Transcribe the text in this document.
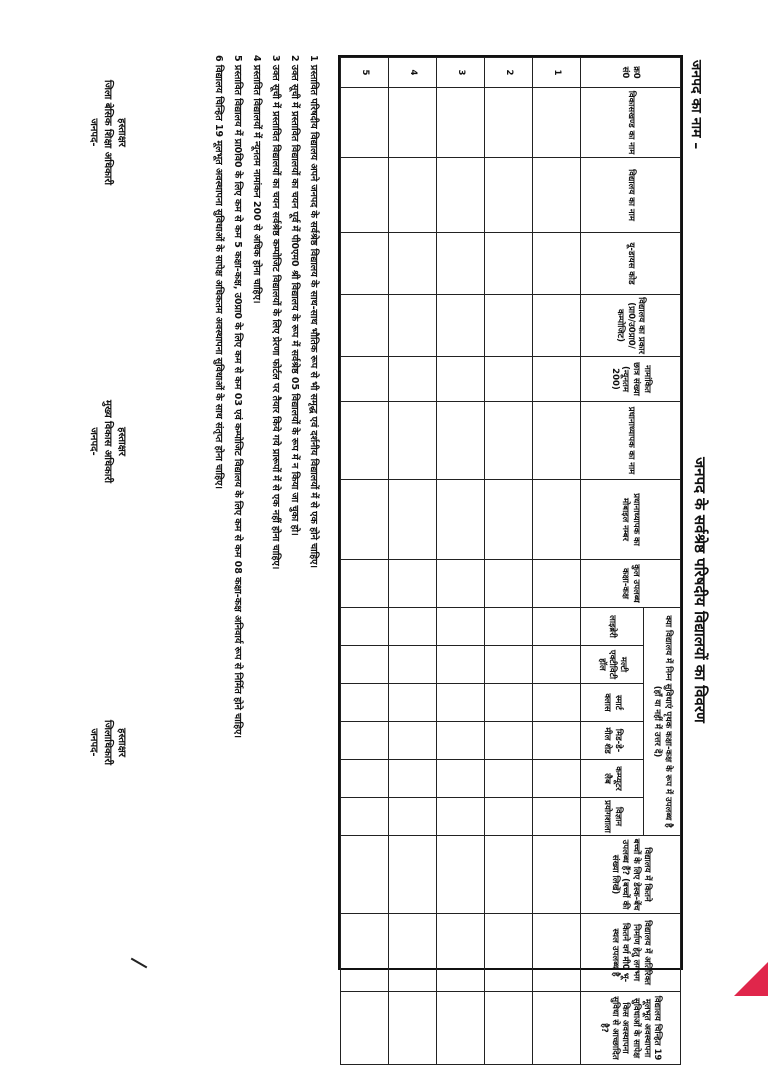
जनपद का नाम –
जनपद के सर्वश्रेष्ठ परिषदीय विद्यालयों का विवरण
क्र0 सं0	विकासखण्ड का नाम	विद्यालय का नाम	यू-डायस कोड	विद्यालय का प्रकार (प्रा0/उ0प्रा0/कम्पोजिट)	नामांकित छात्र संख्या (न्यूनतम 200)	प्रधानाध्यापक का नाम	प्रधानाध्यापक का मोबाइल नम्बर	कुल उपलब्ध कक्षा-कक्ष	क्या विद्यालय में निम्न सुविधाएं पृथक कक्षा-कक्ष के रूप में उपलब्ध है (हाँ या नहीं में उत्तर दें)						विद्यालय में कितने बच्चों के लिए डेस्क-बेंच उपलब्ध हैं? (बच्चों की संख्या लिखें)	विद्यालय में अतिरिक्त निर्माण हेतु लगभग कितने वर्ग मी0 भू-स्थल उपलब्ध है	विद्यालय चिन्हित 19 मूलभूत अवस्थापना सुविधाओं के सापेक्ष किस अवस्थापना सुविधा से आच्छादित है?
									लाइब्रेरी	मल्टी एक्टीविटी हॉल	स्मार्ट क्लास	मिड-डे-मील शेड	कम्प्यूटर लैब	विज्ञान प्रयोगशाला			
1																	
2																	
3																	
4																	
5																	
1 प्रस्तावित परिषदीय विद्यालय अपने जनपद के सर्वश्रेष्ठ विद्यालय के साथ-साथ भौतिक रूप से भी समृद्ध एवं दर्शनीय विद्यालयों में से एक होने चाहिए।
2 उक्त सूची में प्रस्तावित विद्यालयों का चयन पूर्व में पी0एम0 श्री विद्यालय के रूप में सर्वश्रेष्ठ 05 विद्यालयों के रूप में न किया जा चुका हो।
3 उक्त सूची में प्रस्तावित विद्यालयों का चयन सर्वश्रेष्ठ कम्पोजिट विद्यालयों के लिए प्रेरणा फोर्टल पर तैयार किये गये प्रारूपों में से एक नहीं होना चाहिए।
4 प्रस्तावित विद्यालयों में न्यूनतम नामांकन 200 से अधिक होना चाहिए।
5 प्रस्तावित विद्यालय में प्रा0वि0 के लिए कम से कम 5 कक्षा-कक्ष, उ0प्रा0 के लिए कम से कम 03 एवं कम्पोजिट विद्यालय के लिए कम से कम 08 कक्षा-कक्ष अनिवार्य रूप से निर्मित होने चाहिए।
6 विद्यालय चिन्हित 19 मूलभूत अवस्थापना सुविधाओं के सापेक्ष अधिकतम अवस्थापना सुविधाओं के साथ संतृप्त होना चाहिए।
हस्ताक्षर
जिला बेसिक शिक्षा अधिकारी
जनपद-
हस्ताक्षर
मुख्य विकास अधिकारी
जनपद-
हस्ताक्षर
जिलाधिकारी
जनपद-
